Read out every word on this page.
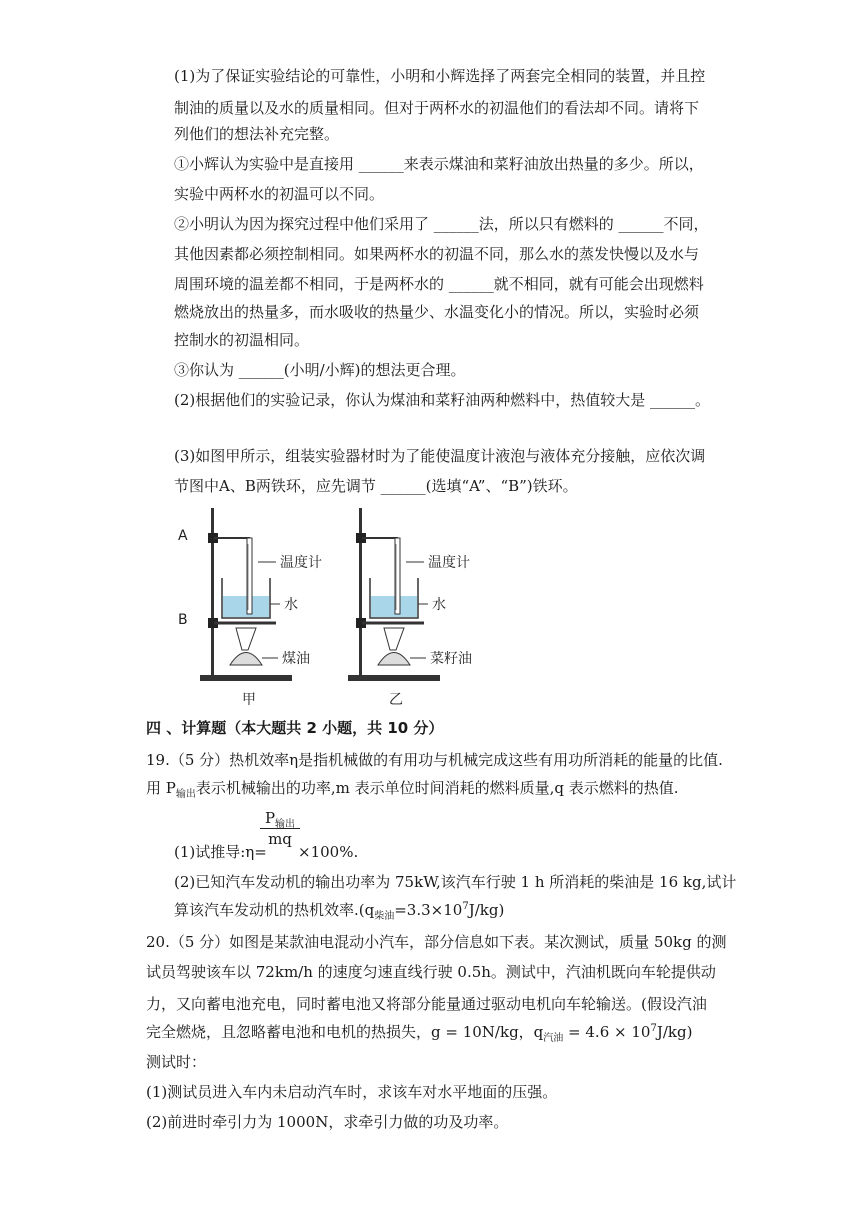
(1)为了保证实验结论的可靠性，小明和小辉选择了两套完全相同的装置，并且控
制油的质量以及水的质量相同。但对于两杯水的初温他们的看法却不同。请将下
列他们的想法补充完整。
①小辉认为实验中是直接用 ______来表示煤油和菜籽油放出热量的多少。所以，
实验中两杯水的初温可以不同。
②小明认为因为探究过程中他们采用了 ______法，所以只有燃料的 ______不同，
其他因素都必须控制相同。如果两杯水的初温不同，那么水的蒸发快慢以及水与
周围环境的温差都不相同，于是两杯水的 ______就不相同，就有可能会出现燃料
燃烧放出的热量多，而水吸收的热量少、水温变化小的情况。所以，实验时必须
控制水的初温相同。
③你认为 ______(小明/小辉)的想法更合理。
(2)根据他们的实验记录，你认为煤油和菜籽油两种燃料中，热值较大是 ______。
(3)如图甲所示，组装实验器材时为了能使温度计液泡与液体充分接触，应依次调
节图中A、B两铁环，应先调节 ______(选填“A”、“B”)铁环。
A
B
温度计
水
煤油
温度计
水
菜籽油
甲	乙
四 、计算题（本大题共 2 小题，共 10 分）
19.（5 分）热机效率η是指机械做的有用功与机械完成这些有用功所消耗的能量的比值.
用 $P_{输出}$表示机械输出的功率,m 表示单位时间消耗的燃料质量,q 表示燃料的热值.
$P_{输出}$
mq
(1)试推导:η= ×100%.
(2)已知汽车发动机的输出功率为 75kW,该汽车行驶 1 h 所消耗的柴油是 16 kg,试计
算该汽车发动机的热机效率$.(q_{柴油}=3.3\times 10^7J/kg)$
20.（5 分）如图是某款油电混动小汽车，部分信息如下表。某次测试，质量 50kg 的测
试员驾驶该车以 72km/h 的速度匀速直线行驶 0.5h。测试中，汽油机既向车轮提供动
力，又向蓄电池充电，同时蓄电池又将部分能量通过驱动电机向车轮输送。(假设汽油
完全燃烧，且忽略蓄电池和电机的热损失，g = 10N/kg，$q_{汽油} = 4.6 \times 10^7J/kg$)
测试时：
(1)测试员进入车内未启动汽车时，求该车对水平地面的压强。
(2)前进时牵引力为 1000N，求牵引力做的功及功率。
